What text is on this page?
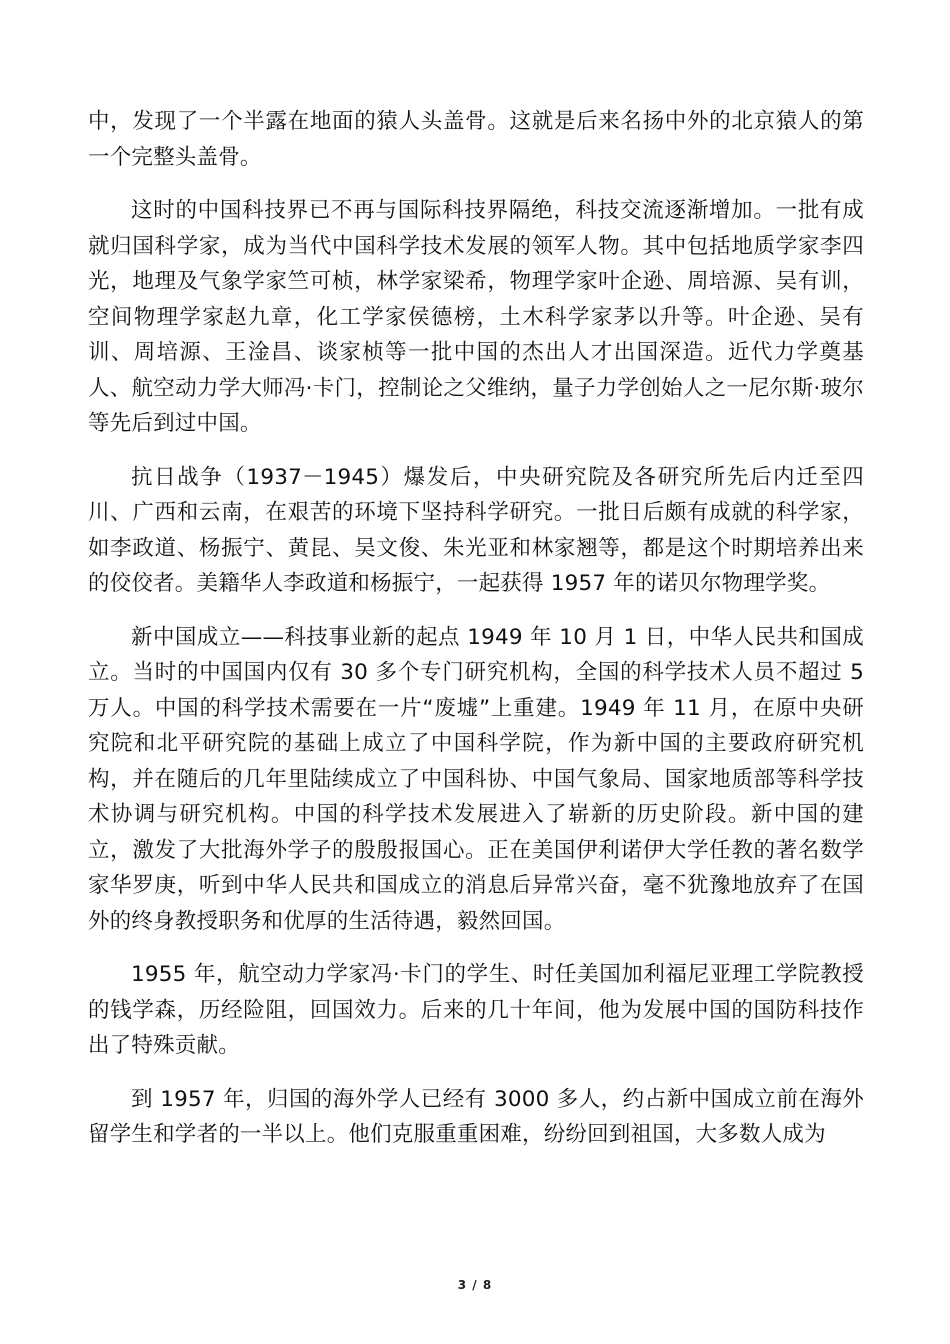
中，发现了一个半露在地面的猿人头盖骨。这就是后来名扬中外的北京猿人的第一个完整头盖骨。

这时的中国科技界已不再与国际科技界隔绝，科技交流逐渐增加。一批有成就归国科学家，成为当代中国科学技术发展的领军人物。其中包括地质学家李四光，地理及气象学家竺可桢，林学家梁希，物理学家叶企逊、周培源、吴有训，空间物理学家赵九章，化工学家侯德榜，土木科学家茅以升等。叶企逊、吴有训、周培源、王淦昌、谈家桢等一批中国的杰出人才出国深造。近代力学奠基人、航空动力学大师冯·卡门，控制论之父维纳，量子力学创始人之一尼尔斯·玻尔等先后到过中国。

抗日战争（1937－1945）爆发后，中央研究院及各研究所先后内迁至四川、广西和云南，在艰苦的环境下坚持科学研究。一批日后颇有成就的科学家，如李政道、杨振宁、黄昆、吴文俊、朱光亚和林家翘等，都是这个时期培养出来的佼佼者。美籍华人李政道和杨振宁，一起获得 1957 年的诺贝尔物理学奖。

新中国成立——科技事业新的起点 1949 年 10 月 1 日，中华人民共和国成立。当时的中国国内仅有 30 多个专门研究机构，全国的科学技术人员不超过 5 万人。中国的科学技术需要在一片“废墟”上重建。1949 年 11 月，在原中央研究院和北平研究院的基础上成立了中国科学院，作为新中国的主要政府研究机构，并在随后的几年里陆续成立了中国科协、中国气象局、国家地质部等科学技术协调与研究机构。中国的科学技术发展进入了崭新的历史阶段。新中国的建立，激发了大批海外学子的殷殷报国心。正在美国伊利诺伊大学任教的著名数学家华罗庚，听到中华人民共和国成立的消息后异常兴奋，毫不犹豫地放弃了在国外的终身教授职务和优厚的生活待遇，毅然回国。

1955 年，航空动力学家冯·卡门的学生、时任美国加利福尼亚理工学院教授的钱学森，历经险阻，回国效力。后来的几十年间，他为发展中国的国防科技作出了特殊贡献。

到 1957 年，归国的海外学人已经有 3000 多人，约占新中国成立前在海外留学生和学者的一半以上。他们克服重重困难，纷纷回到祖国，大多数人成为

3 / 8
